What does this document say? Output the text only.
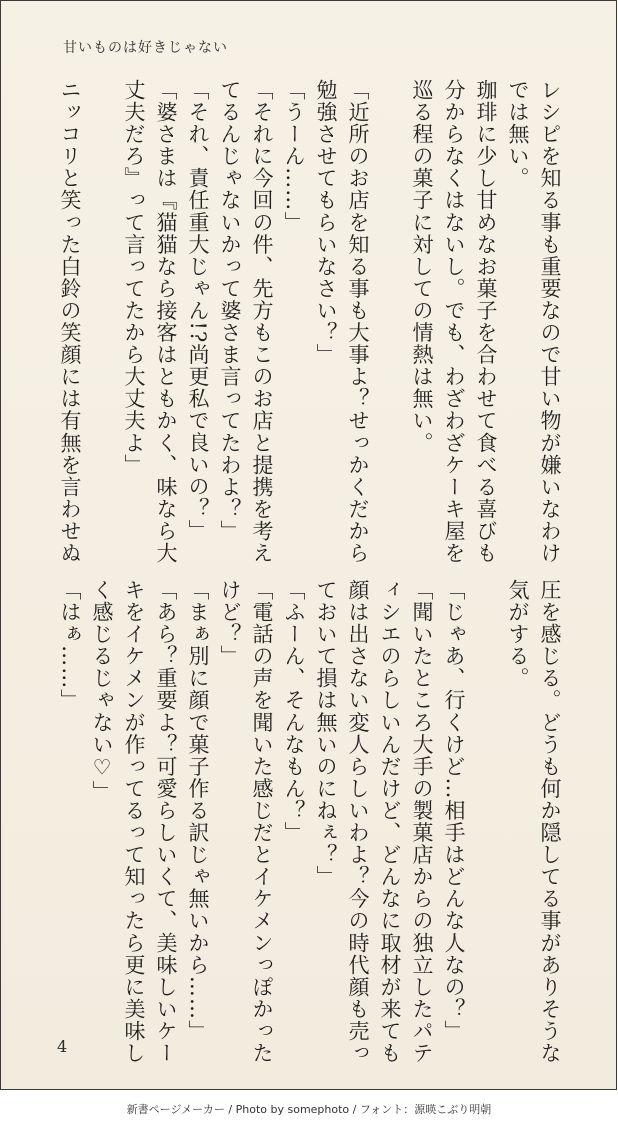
甘いものは好きじゃない

レシピを知る事も重要なので甘い物が嫌いなわけ
では無い。
珈琲に少し甘めなお菓子を合わせて食べる喜びも
分からなくはないし。でも、わざわざケーキ屋を
巡る程の菓子に対しての情熱は無い。

「近所のお店を知る事も大事よ？せっかくだから
勉強させてもらいなさい？」
「うーん……」
「それに今回の件、先方もこのお店と提携を考え
てるんじゃないかって婆さま言ってたわよ？」
「それ、責任重大じゃん!?尚更私で良いの？」
「婆さまは『猫猫なら接客はともかく、味なら大
丈夫だろ』って言ってたから大丈夫よ」

ニッコリと笑った白鈴の笑顔には有無を言わせぬ

圧を感じる。どうも何か隠してる事がありそうな
気がする。

「じゃあ、行くけど…相手はどんな人なの？」
「聞いたところ大手の製菓店からの独立したパテ
ィシエのらしいんだけど、どんなに取材が来ても
顔は出さない変人らしいわよ？今の時代顔も売っ
ておいて損は無いのにねぇ？」
「ふーん、そんなもん？」
「電話の声を聞いた感じだとイケメンっぽかった
けど？」
「まぁ別に顔で菓子作る訳じゃ無いから……」
「あら？重要よ？可愛らしいくて、美味しいケー
キをイケメンが作ってるって知ったら更に美味し
く感じるじゃない♡」
「はぁ……」

4
新書ページメーカー / Photo by somephoto / フォント：源暎こぶり明朝
